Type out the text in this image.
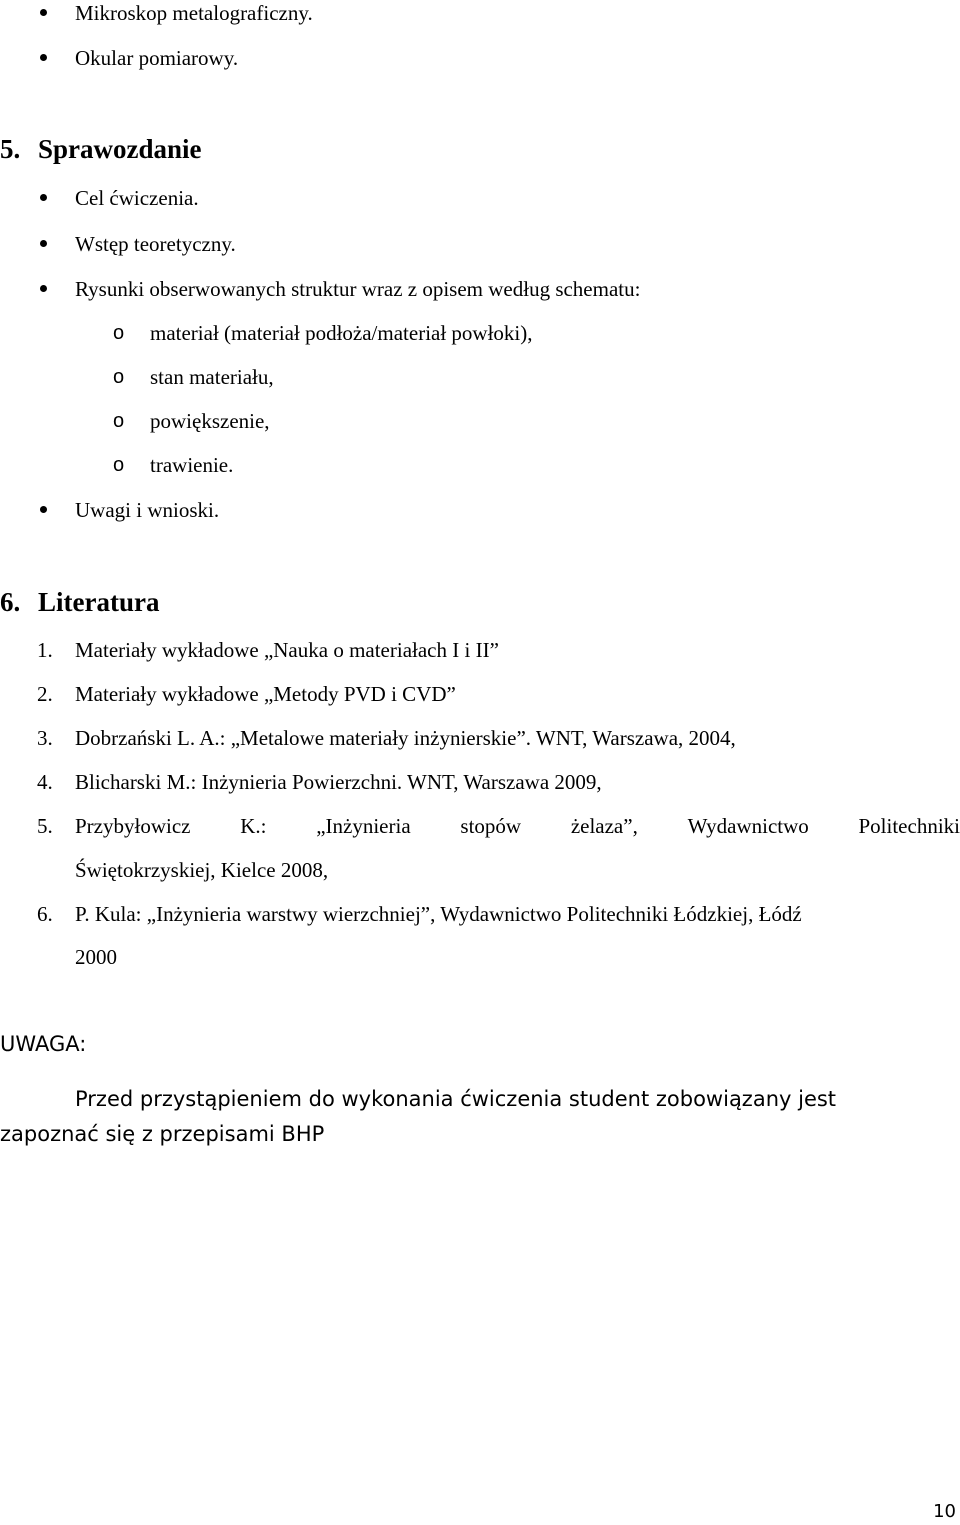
Mikroskop metalograficzny.
Okular pomiarowy.
5. Sprawozdanie
Cel ćwiczenia.
Wstęp teoretyczny.
Rysunki obserwowanych struktur wraz z opisem według schematu:
o materiał (materiał podłoża/materiał powłoki),
o stan materiału,
o powiększenie,
o trawienie.
Uwagi i wnioski.
6. Literatura
1. Materiały wykładowe „Nauka o materiałach I i II”
2. Materiały wykładowe „Metody PVD i CVD”
3. Dobrzański L. A.: „Metalowe materiały inżynierskie”. WNT, Warszawa, 2004,
4. Blicharski M.: Inżynieria Powierzchni. WNT, Warszawa 2009,
5. Przybyłowicz K.: „Inżynieria stopów żelaza”, Wydawnictwo Politechniki
Świętokrzyskiej, Kielce 2008,
6. P. Kula: „Inżynieria warstwy wierzchniej”, Wydawnictwo Politechniki Łódzkiej, Łódź
2000
UWAGA:
Przed przystąpieniem do wykonania ćwiczenia student zobowiązany jest
zapoznać się z przepisami BHP
10
